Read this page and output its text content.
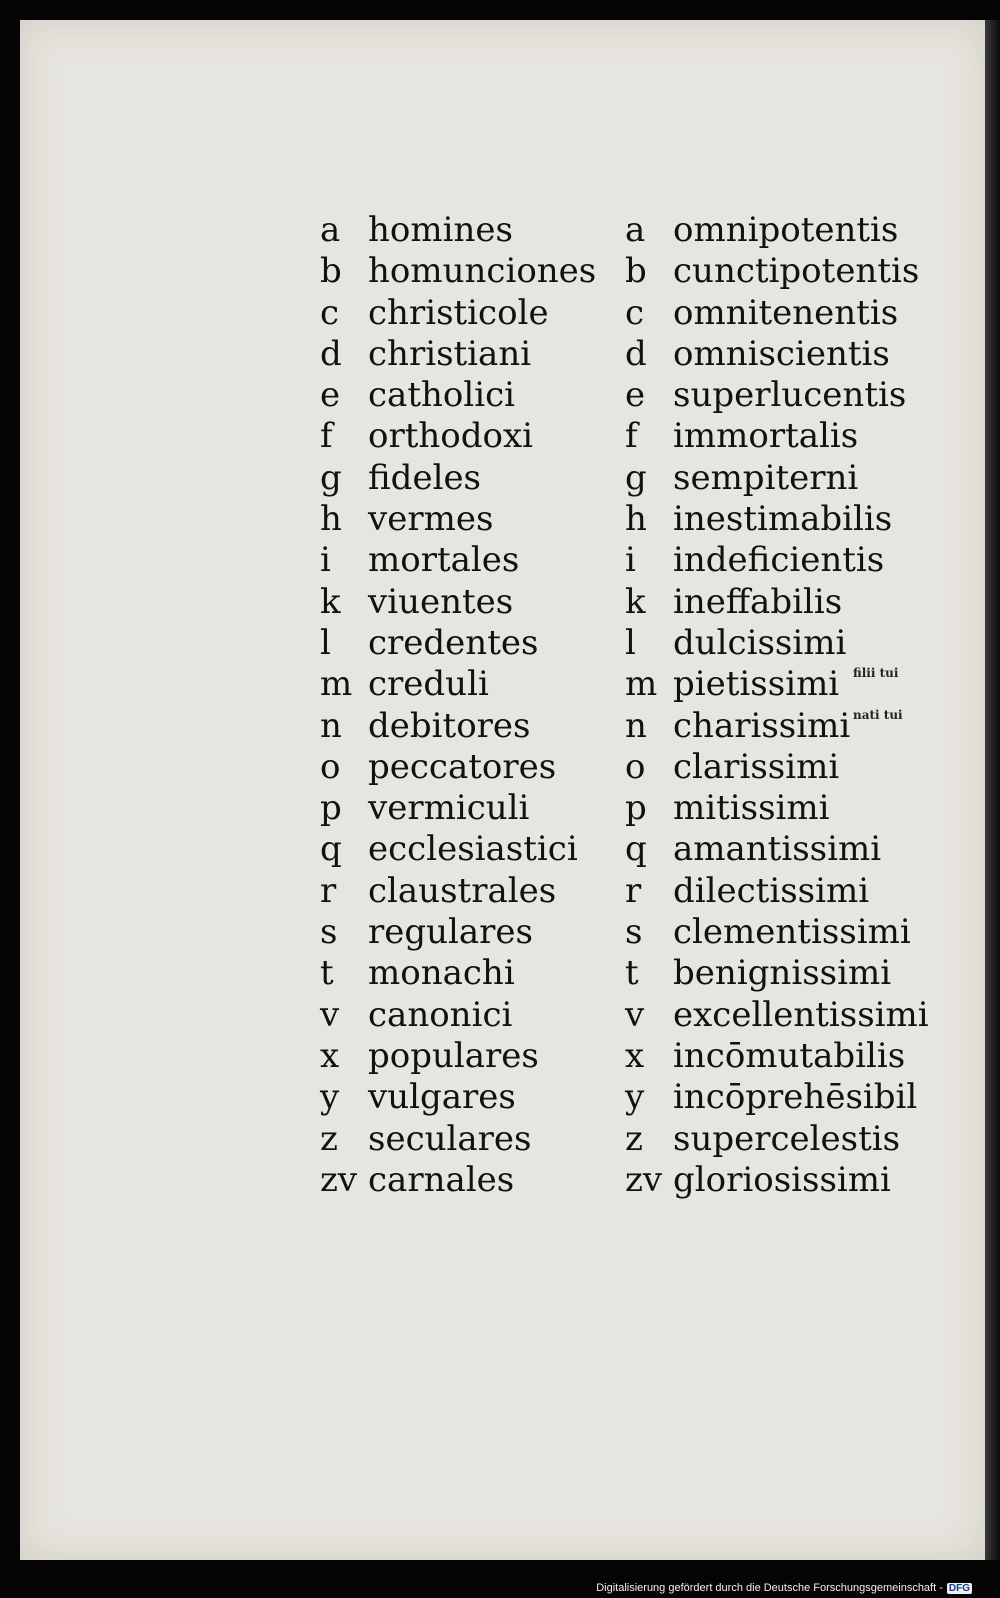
a homines
b homunciones
c christicole
d christiani
e catholici
f orthodoxi
g fideles
h vermes
i mortales
k viuentes
l credentes
m creduli
n debitores
o peccatores
p vermiculi
q ecclesiastici
r claustrales
s regulares
t monachi
v canonici
x populares
y vulgares
z seculares
zv carnales
a omnipotentis
b cunctipotentis
c omnitenentis
d omniscientis
e superlucentis
f immortalis
g sempiterni
h inestimabilis
i indeficientis
k ineffabilis
l dulcissimi
m pietissimi filii tui
n charissimi nati tui
o clarissimi
p mitissimi
q amantissimi
r dilectissimi
s clementissimi
t benignissimi
v excellentissimi
x incōmutabilis
y incōprehēsibil
z supercelestis
zv gloriosissimi
Digitalisierung gefördert durch die Deutsche Forschungsgemeinschaft - DFG
